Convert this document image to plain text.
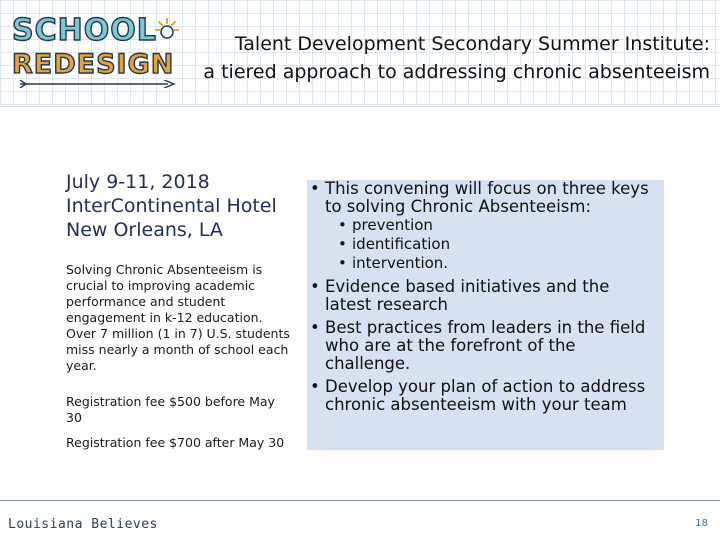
SCHOOL
REDESIGN
Talent Development Secondary Summer Institute:
a tiered approach to addressing chronic absenteeism
July 9-11, 2018
InterContinental Hotel
New Orleans, LA
Solving Chronic Absenteeism is crucial to improving academic performance and student engagement in k-12 education. Over 7 million (1 in 7) U.S. students miss nearly a month of school each year.
Registration fee $500 before May 30
Registration fee $700 after May 30
• This convening will focus on three keys to solving Chronic Absenteeism:
• prevention
• identification
• intervention.
• Evidence based initiatives and the latest research
• Best practices from leaders in the field who are at the forefront of the challenge.
• Develop your plan of action to address chronic absenteeism with your team
Louisiana Believes	18
